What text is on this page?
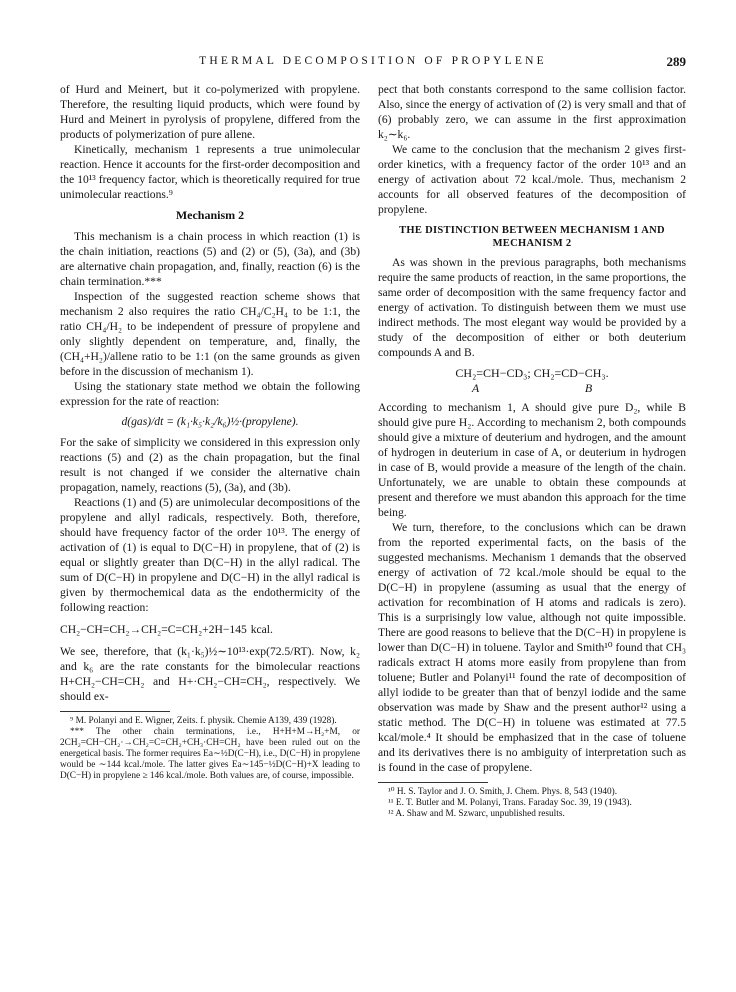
THERMAL DECOMPOSITION OF PROPYLENE	289

of Hurd and Meinert, but it co-polymerized with propylene. Therefore, the resulting liquid products, which were found by Hurd and Meinert in pyrolysis of propylene, differed from the products of polymerization of pure allene.

Kinetically, mechanism 1 represents a true unimolecular reaction. Hence it accounts for the first-order decomposition and the 10¹³ frequency factor, which is theoretically required for true unimolecular reactions.⁹

Mechanism 2

This mechanism is a chain process in which reaction (1) is the chain initiation, reactions (5) and (2) or (5), (3a), and (3b) are alternative chain propagation, and, finally, reaction (6) is the chain termination.***

Inspection of the suggested reaction scheme shows that mechanism 2 also requires the ratio CH₄/C₂H₄ to be 1:1, the ratio CH₄/H₂ to be independent of pressure of propylene and only slightly dependent on temperature, and, finally, the (CH₄+H₂)/allene ratio to be 1:1 (on the same grounds as given before in the discussion of mechanism 1).

Using the stationary state method we obtain the following expression for the rate of reaction:

d(gas)/dt = (k₁·k₅·k₂/k₆)½·(propylene).

For the sake of simplicity we considered in this expression only reactions (5) and (2) as the chain propagation, but the final result is not changed if we consider the alternative chain propagation, namely, reactions (5), (3a), and (3b).

Reactions (1) and (5) are unimolecular decompositions of the propylene and allyl radicals, respectively. Both, therefore, should have frequency factor of the order 10¹³. The energy of activation of (1) is equal to D(C−H) in propylene, that of (2) is equal or slightly greater than D(C−H) in the allyl radical. The sum of D(C−H) in propylene and D(C−H) in the allyl radical is given by thermochemical data as the endothermicity of the following reaction:

CH₂−CH=CH₂→CH₂=C=CH₂+2H−145 kcal.

We see, therefore, that (k₁·k₅)½∼10¹³·exp(72.5/RT). Now, k₂ and k₆ are the rate constants for the bimolecular reactions H+CH₂−CH=CH₂ and H+·CH₂−CH=CH₂, respectively. We should ex-

⁹ M. Polanyi and E. Wigner, Zeits. f. physik. Chemie A139, 439 (1928).

*** The other chain terminations, i.e., H+H+M→H₂+M, or 2CH₂=CH−CH₂·→CH₂=C=CH₂+CH₃·CH=CH₂ have been ruled out on the energetical basis. The former requires Ea∼½D(C−H), i.e., D(C−H) in propylene would be ∼144 kcal./mole. The latter gives Ea∼145−½D(C−H)+X leading to D(C−H) in propylene ≥ 146 kcal./mole. Both values are, of course, impossible.

pect that both constants correspond to the same collision factor. Also, since the energy of activation of (2) is very small and that of (6) probably zero, we can assume in the first approximation k₂∼k₆.

We came to the conclusion that the mechanism 2 gives first-order kinetics, with a frequency factor of the order 10¹³ and an energy of activation about 72 kcal./mole. Thus, mechanism 2 accounts for all observed features of the decomposition of propylene.

THE DISTINCTION BETWEEN MECHANISM 1 AND MECHANISM 2

As was shown in the previous paragraphs, both mechanisms require the same products of reaction, in the same proportions, the same order of decomposition with the same frequency factor and energy of activation. To distinguish between them we must use indirect methods. The most elegant way would be provided by a study of the decomposition of either or both deuterium compounds A and B.

CH₂=CH−CD₃; CH₂=CD−CH₃.
A	B

According to mechanism 1, A should give pure D₂, while B should give pure H₂. According to mechanism 2, both compounds should give a mixture of deuterium and hydrogen, and the amount of hydrogen in deuterium in case of A, or deuterium in hydrogen in case of B, would provide a measure of the length of the chain. Unfortunately, we are unable to obtain these compounds at present and therefore we must abandon this approach for the time being.

We turn, therefore, to the conclusions which can be drawn from the reported experimental facts, on the basis of the suggested mechanisms. Mechanism 1 demands that the observed energy of activation of 72 kcal./mole should be equal to the D(C−H) in propylene (assuming as usual that the energy of activation for recombination of H atoms and radicals is zero). This is a surprisingly low value, although not quite impossible. There are good reasons to believe that the D(C−H) in propylene is lower than D(C−H) in toluene. Taylor and Smith¹⁰ found that CH₃ radicals extract H atoms more easily from propylene than from toluene; Butler and Polanyi¹¹ found the rate of decomposition of allyl iodide to be greater than that of benzyl iodide and the same observation was made by Shaw and the present author¹² using a static method. The D(C−H) in toluene was estimated at 77.5 kcal/mole.⁴ It should be emphasized that in the case of toluene and its derivatives there is no ambiguity of interpretation such as is found in the case of propylene.

¹⁰ H. S. Taylor and J. O. Smith, J. Chem. Phys. 8, 543 (1940).

¹¹ E. T. Butler and M. Polanyi, Trans. Faraday Soc. 39, 19 (1943).

¹² A. Shaw and M. Szwarc, unpublished results.
